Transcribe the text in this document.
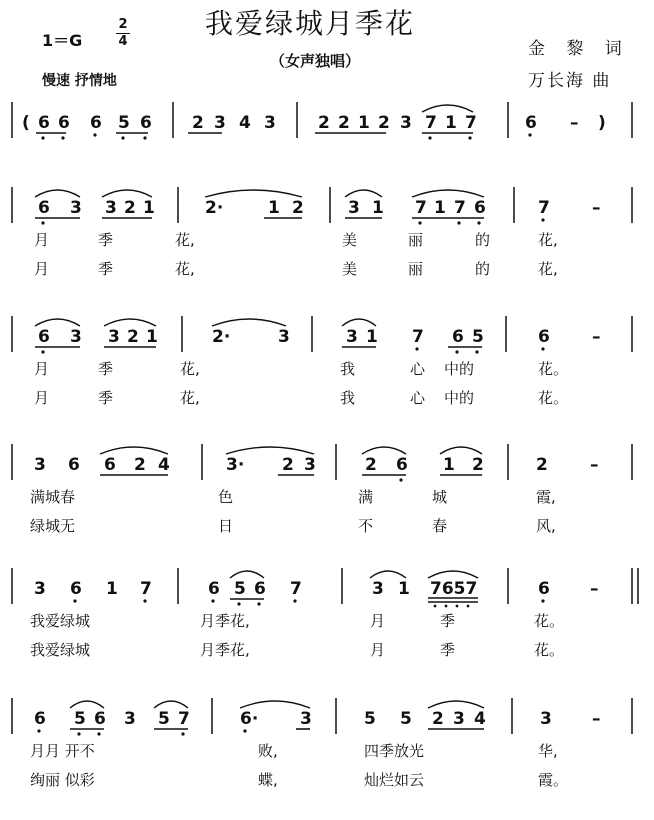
我爱绿城月季花
（女声独唱）
1＝G
2
4
慢速 抒情地
金 黎 词
万长海 曲
( 6 6 6 5 6 2 3 4 3 2 2 1 2 3 7 1 7	6 – )
6 3 3 2 1	2·	1 2	3 1 7 1 7 6	7 –
月	季	花,	美	丽	的	花,
月	季	花,	美	丽	的	花,
6 3 3 2 1	2·	3	3 1 7 6 5	6 –
月	季	花,	我	心 中的	花。
月	季	花,	我	心 中的	花。
3 6 6 2 4	3· 2 3	2 6 1 2	2 –
满城春	色	满	城	霞,
绿城无	日	不	春	风,
3 6 1 7	6 5 6 7	3 1 7657	6 –
我爱绿城	月季花,	月	季	花。
我爱绿城	月季花,	月	季	花。
6 5 6 3 5 7	6· 3	5 5 2 3 4	3 –
月月 开不	败,	四季放光	华,
绚丽 似彩	蝶,	灿烂如云	霞。
